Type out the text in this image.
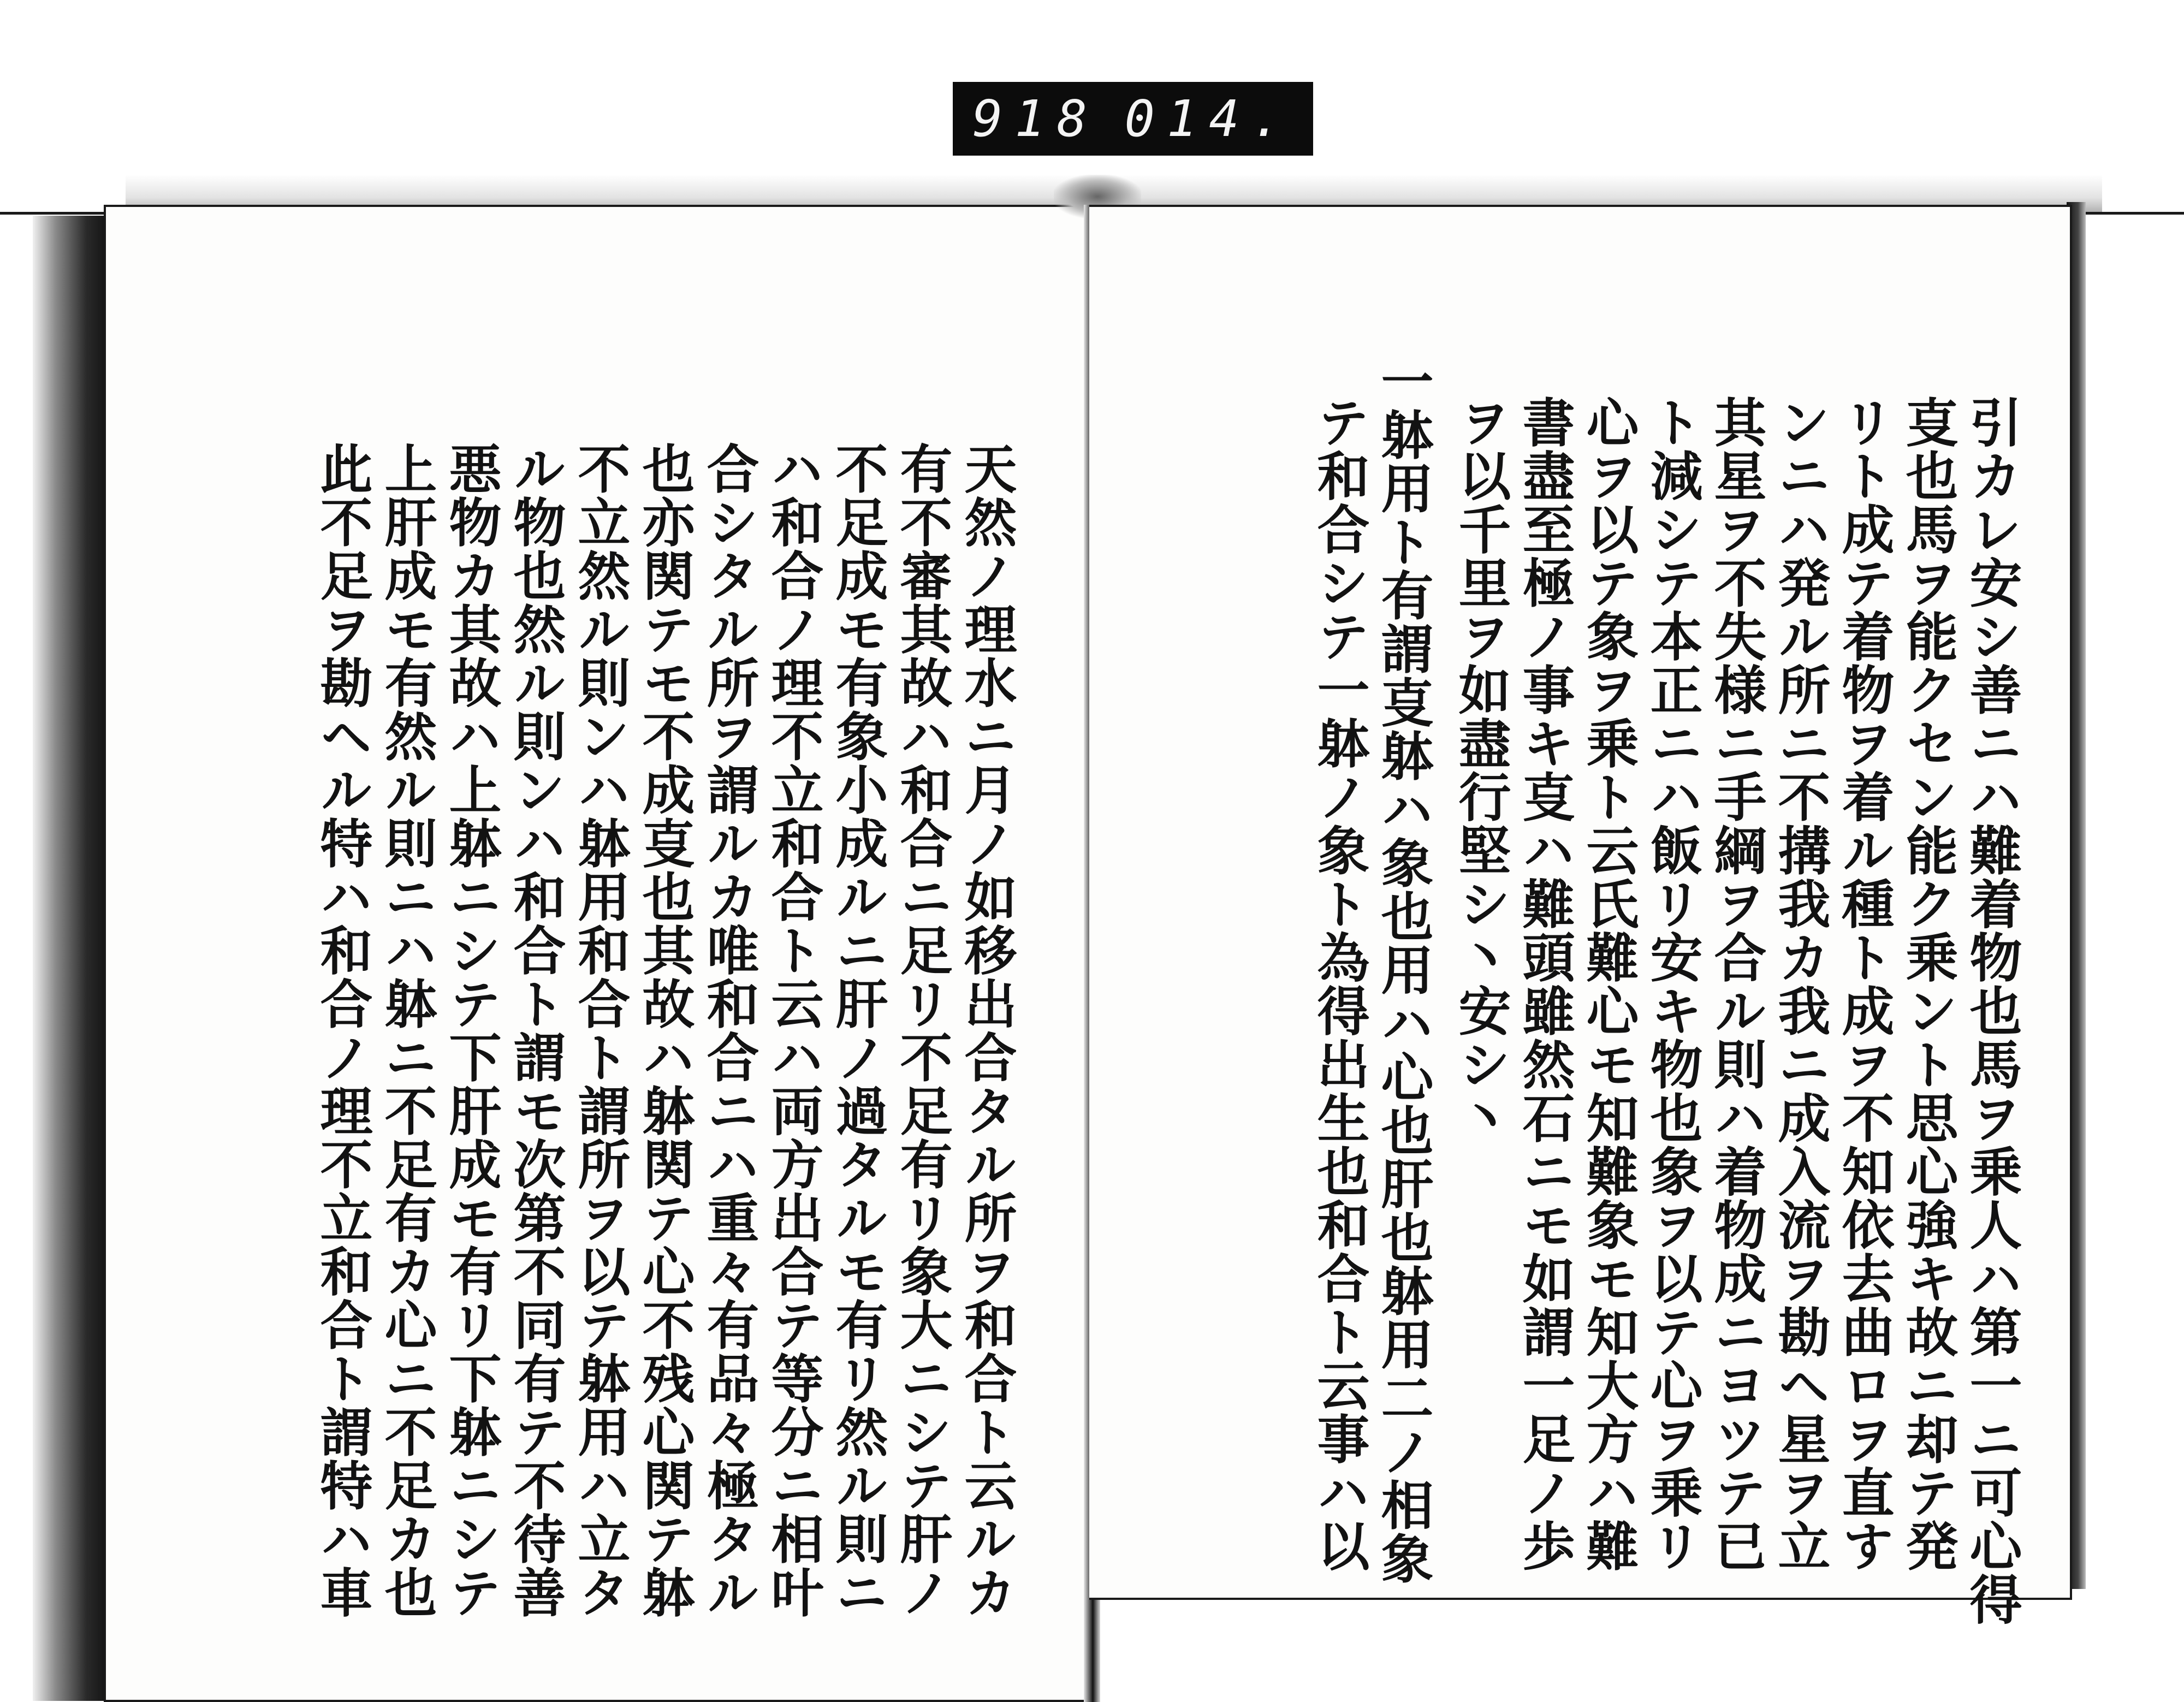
918 014.
天然ノ理水ニ月ノ如移出合タル所ヲ和合ト云ルカ
有不審其故ハ和合ニ足リ不足有リ象大ニシテ肝ノ
不足成モ有象小成ルニ肝ノ過タルモ有リ然ル則ニ
ハ和合ノ理不立和合ト云ハ両方出合テ等分ニ相叶
合シタル所ヲ謂ルカ唯和合ニハ重々有品々極タル
也亦関テモ不成㕝也其故ハ躰関テ心不残心関テ躰
不立然ル則ンハ躰用和合ト謂所ヲ以テ躰用ハ立タ
ル物也然ル則ンハ和合ト謂モ次第不同有テ不待善
悪物カ其故ハ上躰ニシテ下肝成モ有リ下躰ニシテ
上肝成モ有然ル則ニハ躰ニ不足有カ心ニ不足カ也
此不足ヲ勘ヘル特ハ和合ノ理不立和合ト謂特ハ車	引カレ安シ善ニハ難着物也馬ヲ乗人ハ第一ニ可心得
㕝也馬ヲ能クセン能ク乗ント思心強キ故ニ却テ発
リト成テ着物ヲ着ル種ト成ヲ不知依去曲ロヲ直す
ンニハ発ル所ニ不搆我カ我ニ成入流ヲ勘ヘ星ヲ立
其星ヲ不失様ニ手綱ヲ合ル則ハ着物成ニヨツテ已
ト減シテ本正ニハ飯リ安キ物也象ヲ以テ心ヲ乗リ
心ヲ以テ象ヲ乗ト云氏難心モ知難象モ知大方ハ難
書盡至極ノ事キ㕝ハ難頭雖然石ニモ如謂一足ノ歩
ヲ以千里ヲ如盡行堅シ丶安シ丶
一躰用ト有謂㕝躰ハ象也用ハ心也肝也躰用二ノ相象
テ和合シテ一躰ノ象ト為得出生也和合ト云事ハ以
